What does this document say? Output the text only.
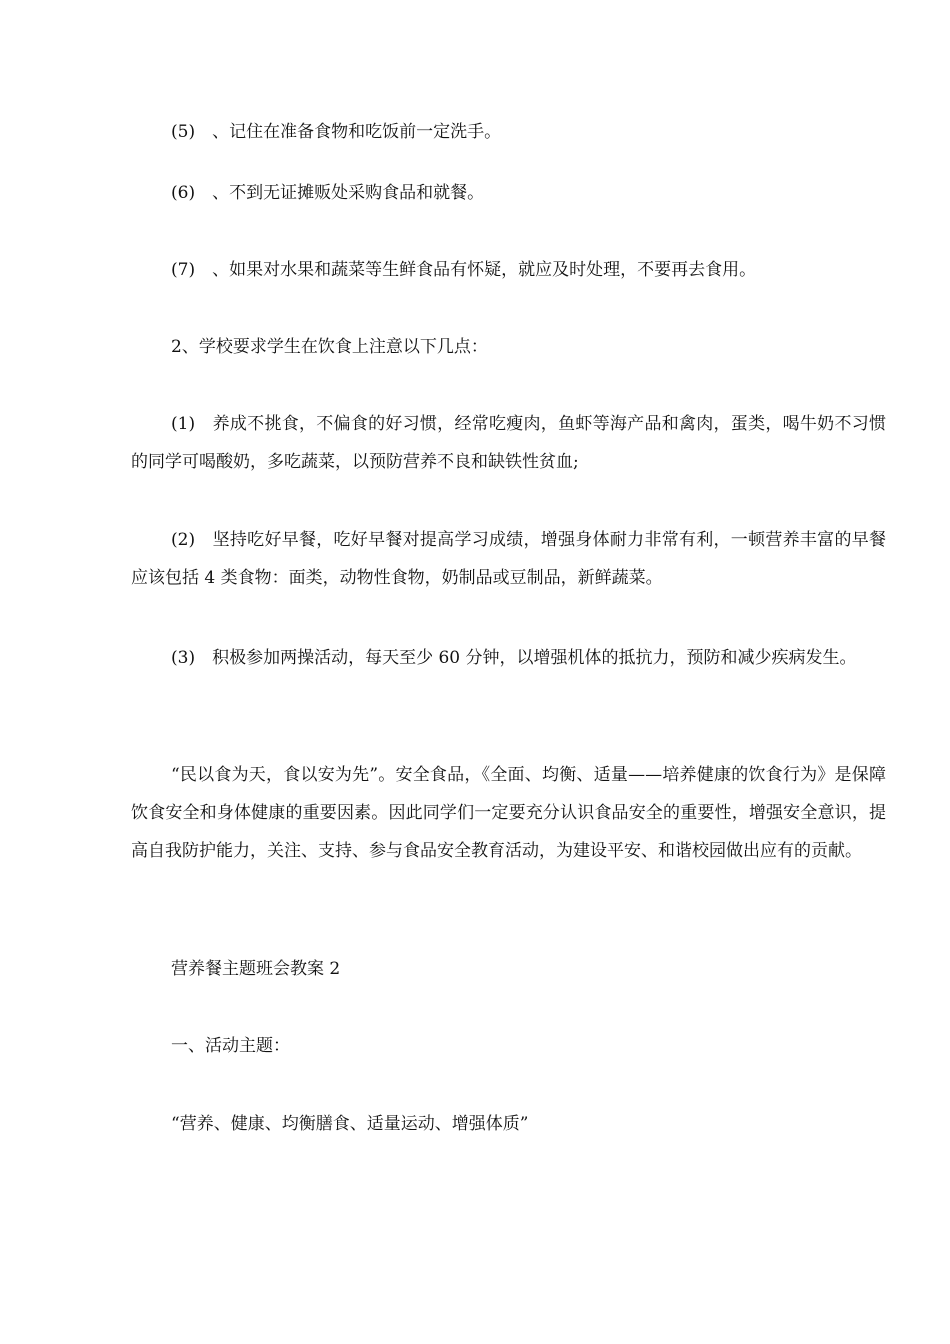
(5)　、记住在准备食物和吃饭前一定洗手。

(6)　、不到无证摊贩处采购食品和就餐。

(7)　、如果对水果和蔬菜等生鲜食品有怀疑，就应及时处理，不要再去食用。

2、学校要求学生在饮食上注意以下几点：

(1)　养成不挑食，不偏食的好习惯，经常吃瘦肉，鱼虾等海产品和禽肉，蛋类，喝牛奶不习惯的同学可喝酸奶，多吃蔬菜，以预防营养不良和缺铁性贫血;

(2)　坚持吃好早餐，吃好早餐对提高学习成绩，增强身体耐力非常有利，一顿营养丰富的早餐应该包括 4 类食物：面类，动物性食物，奶制品或豆制品，新鲜蔬菜。

(3)　积极参加两操活动，每天至少 60 分钟，以增强机体的抵抗力，预防和减少疾病发生。

“民以食为天，食以安为先”。安全食品，《全面、均衡、适量——培养健康的饮食行为》是保障饮食安全和身体健康的重要因素。因此同学们一定要充分认识食品安全的重要性，增强安全意识，提高自我防护能力，关注、支持、参与食品安全教育活动，为建设平安、和谐校园做出应有的贡献。

营养餐主题班会教案 2

一、活动主题：

“营养、健康、均衡膳食、适量运动、增强体质”
